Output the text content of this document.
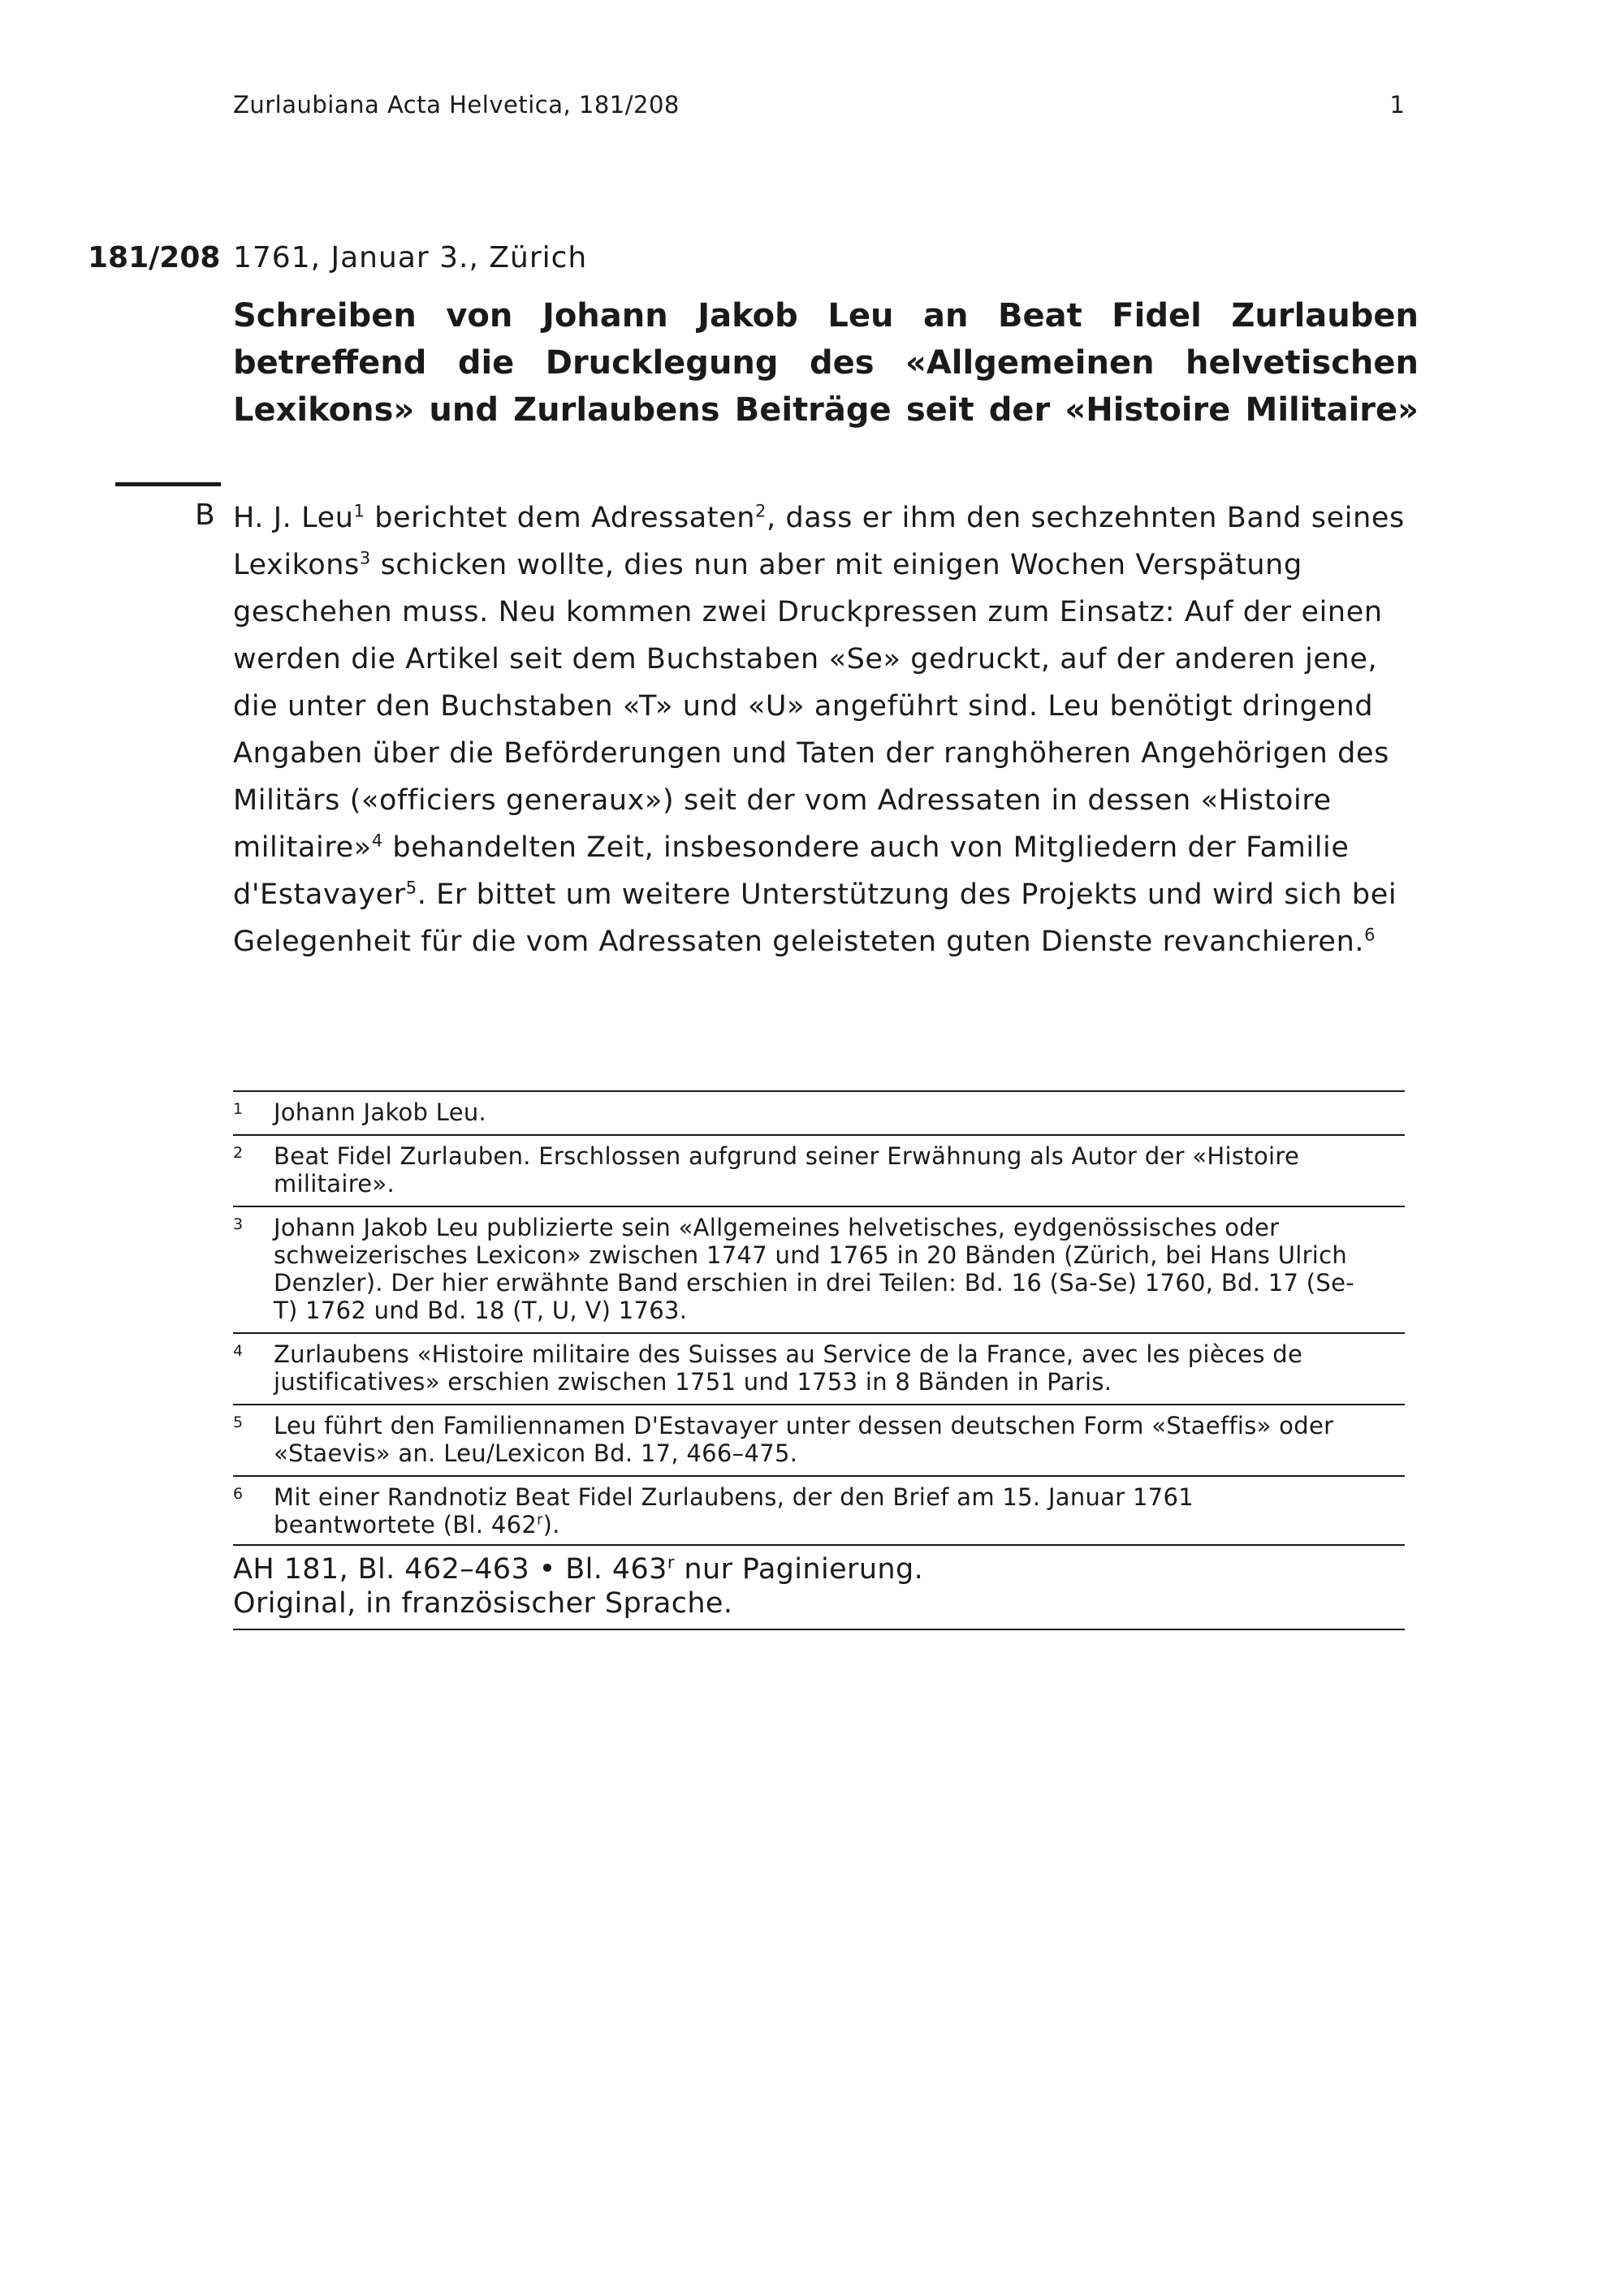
Zurlaubiana Acta Helvetica, 181/208	1
181/208 1761, Januar 3., Zürich
Schreiben von Johann Jakob Leu an Beat Fidel Zurlauben
betreffend die Drucklegung des «Allgemeinen helvetischen
Lexikons» und Zurlaubens Beiträge seit der «Histoire Militaire»
B H. J. Leu$^1$ berichtet dem Adressaten$^2$, dass er ihm den sechzehnten Band seines
Lexikons$^3$ schicken wollte, dies nun aber mit einigen Wochen Verspätung
geschehen muss. Neu kommen zwei Druckpressen zum Einsatz: Auf der einen
werden die Artikel seit dem Buchstaben «Se» gedruckt, auf der anderen jene,
die unter den Buchstaben «T» und «U» angeführt sind. Leu benötigt dringend
Angaben über die Beförderungen und Taten der ranghöheren Angehörigen des
Militärs («officiers generaux») seit der vom Adressaten in dessen «Histoire
militaire»$^4$ behandelten Zeit, insbesondere auch von Mitgliedern der Familie
d'Estavayer$^5$. Er bittet um weitere Unterstützung des Projekts und wird sich bei
Gelegenheit für die vom Adressaten geleisteten guten Dienste revanchieren.$^6$
1 Johann Jakob Leu.
2 Beat Fidel Zurlauben. Erschlossen aufgrund seiner Erwähnung als Autor der «Histoire
militaire».
3 Johann Jakob Leu publizierte sein «Allgemeines helvetisches, eydgenössisches oder
schweizerisches Lexicon» zwischen 1747 und 1765 in 20 Bänden (Zürich, bei Hans Ulrich
Denzler). Der hier erwähnte Band erschien in drei Teilen: Bd. 16 (Sa-Se) 1760, Bd. 17 (Se-
T) 1762 und Bd. 18 (T, U, V) 1763.
4 Zurlaubens «Histoire militaire des Suisses au Service de la France, avec les pièces de
justificatives» erschien zwischen 1751 und 1753 in 8 Bänden in Paris.
5 Leu führt den Familiennamen D'Estavayer unter dessen deutschen Form «Staeffis» oder
«Staevis» an. Leu/Lexicon Bd. 17, 466–475.
6 Mit einer Randnotiz Beat Fidel Zurlaubens, der den Brief am 15. Januar 1761
beantwortete (Bl. 462$^r$).
AH 181, Bl. 462–463 • Bl. 463$^r$ nur Paginierung.
Original, in französischer Sprache.
